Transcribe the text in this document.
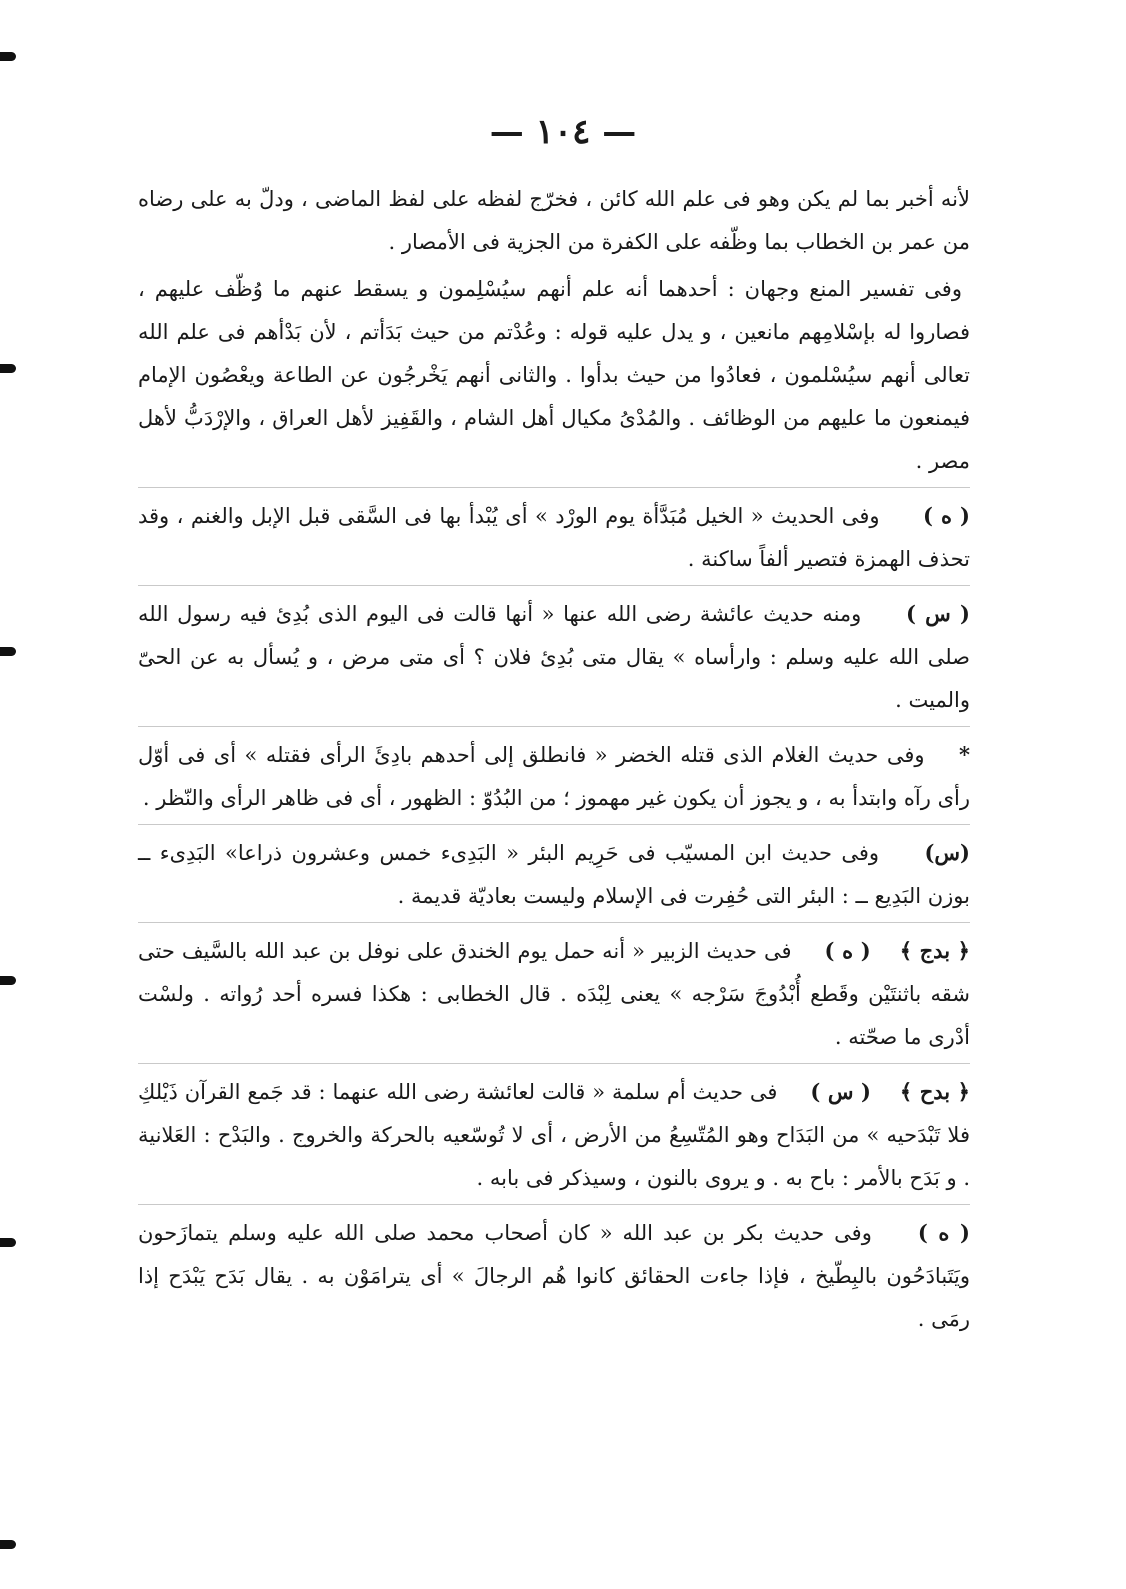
— ١٠٤ —

لأنه أخبر بما لم يكن وهو فى علم الله كائن ، فخرّج لفظه على لفظ الماضى ، ودلّ به على رضاه من عمر بن الخطاب بما وظّفه على الكفرة من الجزية فى الأمصار .

وفى تفسير المنع وجهان : أحدهما أنه علم أنهم سيُسْلِمون و يسقط عنهم ما وُظّف عليهم ، فصاروا له بإسْلامِهم مانعين ، و يدل عليه قوله : وعُدْتم من حيث بَدَأتم ، لأن بَدْأهم فى علم الله تعالى أنهم سيُسْلمون ، فعادُوا من حيث بدأوا . والثانى أنهم يَخْرجُون عن الطاعة ويعْصُون الإمام فيمنعون ما عليهم من الوظائف . والمُدْىُ مكيال أهل الشام ، والقَفِيز لأهل العراق ، والإرْدَبُّ لأهل مصر .

( ه ) وفى الحديث « الخيل مُبَدَّأة يوم الورْد » أى يُبْدأ بها فى السَّقى قبل الإبل والغنم ، وقد تحذف الهمزة فتصير ألفاً ساكنة .

( س ) ومنه حديث عائشة رضى الله عنها « أنها قالت فى اليوم الذى بُدِئ فيه رسول الله صلى الله عليه وسلم : وارأساه » يقال متى بُدِئ فلان ؟ أى متى مرض ، و يُسأل به عن الحىّ والميت .

* وفى حديث الغلام الذى قتله الخضر « فانطلق إلى أحدهم بادِئَ الرأى فقتله » أى فى أوّل رأى رآه وابتدأ به ، و يجوز أن يكون غير مهموز ؛ من البُدُوّ : الظهور ، أى فى ظاهر الرأى والنّظر .

(س) وفى حديث ابن المسيّب فى حَرِيم البئر « البَدِىء خمس وعشرون ذراعا» البَدِىء ــ بوزن البَدِيع ــ : البئر التى حُفِرت فى الإسلام وليست بعاديّة قديمة .

﴿ بدج ﴾ ( ه ) فى حديث الزبير « أنه حمل يوم الخندق على نوفل بن عبد الله بالسَّيف حتى شقه باثنتَيْن وقَطع أُبْدُوجَ سَرْجه » يعنى لِبْدَه . قال الخطابى : هكذا فسره أحد رُواته . ولسْت أدْرى ما صحّته .

﴿ بدح ﴾ ( س ) فى حديث أم سلمة « قالت لعائشة رضى الله عنهما : قد جَمع القرآن ذَيْلكِ فلا تَبْدَحيه » من البَدَاح وهو المُتّسِعُ من الأرض ، أى لا تُوسّعيه بالحركة والخروج . والبَدْح : العَلانية . و بَدَح بالأمر : باح به . و يروى بالنون ، وسيذكر فى بابه .

( ه ) وفى حديث بكر بن عبد الله « كان أصحاب محمد صلى الله عليه وسلم يتمازَحون ويَتَبادَحُون بالبِطّيخ ، فإذا جاءت الحقائق كانوا هُم الرجالَ » أى يترامَوْن به . يقال بَدَح يَبْدَح إذا رمَى .
